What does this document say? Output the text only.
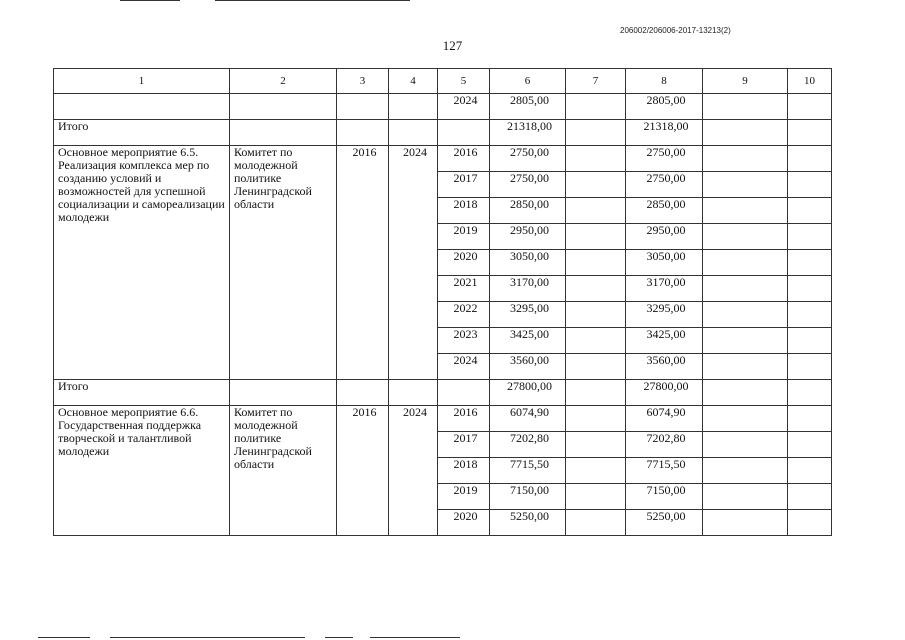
206002/206006-2017-13213(2)
127
1	2	3	4	5	6	7	8	9	10
				2024	2805,00		2805,00		
Итого					21318,00		21318,00		
Основное мероприятие 6.5. Реализация комплекса мер по созданию условий и возможностей для успешной социализации и самореализации молодежи	Комитет по молодежной политике Ленинградской области	2016	2024	2016	2750,00		2750,00		
				2017	2750,00		2750,00		
				2018	2850,00		2850,00		
				2019	2950,00		2950,00		
				2020	3050,00		3050,00		
				2021	3170,00		3170,00		
				2022	3295,00		3295,00		
				2023	3425,00		3425,00		
				2024	3560,00		3560,00		
Итого					27800,00		27800,00		
Основное мероприятие 6.6. Государственная поддержка творческой и талантливой молодежи	Комитет по молодежной политике Ленинградской области	2016	2024	2016	6074,90		6074,90		
				2017	7202,80		7202,80		
				2018	7715,50		7715,50		
				2019	7150,00		7150,00		
				2020	5250,00		5250,00		
